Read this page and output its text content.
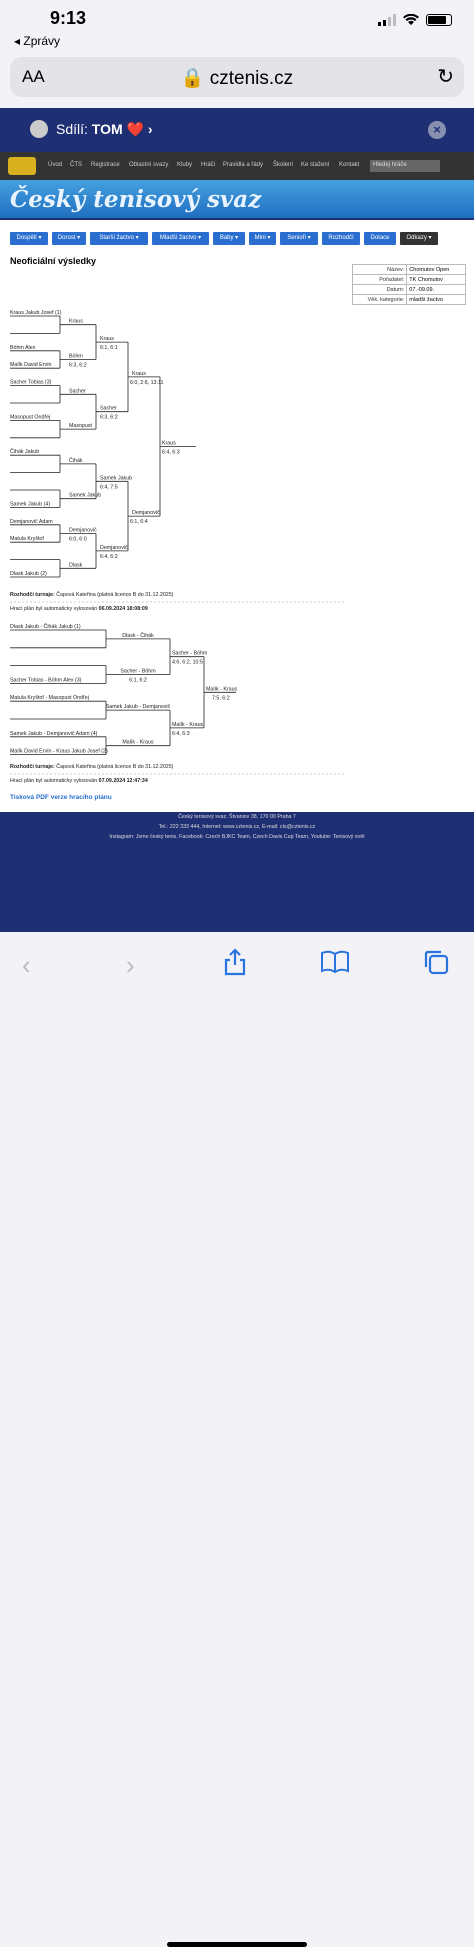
9:13
◂ Zprávy
AA	🔒 cztenis.cz	↻
Sdílí: TOM ❤️ ›	×
Úvod ČTS Registrace Oblastní svazy Kluby Hráči Pravidla a řády Školení Ke stažení Kontakt	Hledej hráče
Český tenisový svaz
Dospělí ▾	Dorost ▾	Starší žactvo ▾	Mladší žactvo ▾	Baby ▾	Mini ▾	Senioři ▾	Rozhodčí	Dotace	Odkazy ▾
Neoficiální výsledky
Název:	Chomutov Open
Pořadatel:	TK Chomutov
Datum:	07.-09.09.
Věk. kategorie:	mladší žactvo
Kraus Jakub Josef (1)
Böhm Alex
Malík David Ervín
Sacher Tobias (3)
Masopust Ondřej
Čihák Jakub
Samek Jakub (4)
Demjanovič Adam
Matula Kryštof
Dlask Jakub (2)
Kraus
Böhm
6:3, 6:2
Sacher
Masopust
Čihák
Samek Jakub
Demjanovič
6:0, 6:0
Dlask
Kraus
6:1, 6:1
Sacher
6:3, 6:2
Samek Jakub
6:4, 7:5
Demjanovič
6:4, 6:2
Kraus
6:0, 2:6, 13:11
Demjanovič
6:1, 6:4
Kraus
6:4, 6:3
Dlask Jakub - Čihák Jakub (1)
Sacher Tobias - Böhm Alex (3)
Matula Kryštof - Masopust Ondřej
Samek Jakub - Demjanovič Adam (4)
Malík David Ervín - Kraus Jakub Josef (2)
Dlask - Čihák
Sacher - Böhm
6:1, 6:2
Samek Jakub - Demjanovič
Malík - Kraus
Sacher - Böhm
4:6, 6:2, 10:5
Malík - Kraus
6:4, 6:3
Malík - Kraus
7:5, 6:2
Rozhodčí turnaje: Čapová Kateřina (platná licence B do 31.12.2025)
Hrací plán byl automaticky vylosován 06.09.2024 18:08:09
Rozhodčí turnaje: Čapová Kateřina (platná licence B do 31.12.2025)
Hrací plán byl automaticky vylosován 07.09.2024 12:47:34
Tisková PDF verze hracího plánu
Český tenisový svaz, Štvanice 38, 170 00 Praha 7
Tel.: 222 333 444, Internet: www.cztenis.cz, E-mail: cts@cztenis.cz
Instagram: Jsme český tenis, Facebook: Czech BJKC Team, Czech Davis Cup Team, Youtube: Tenisový svět
‹	›
